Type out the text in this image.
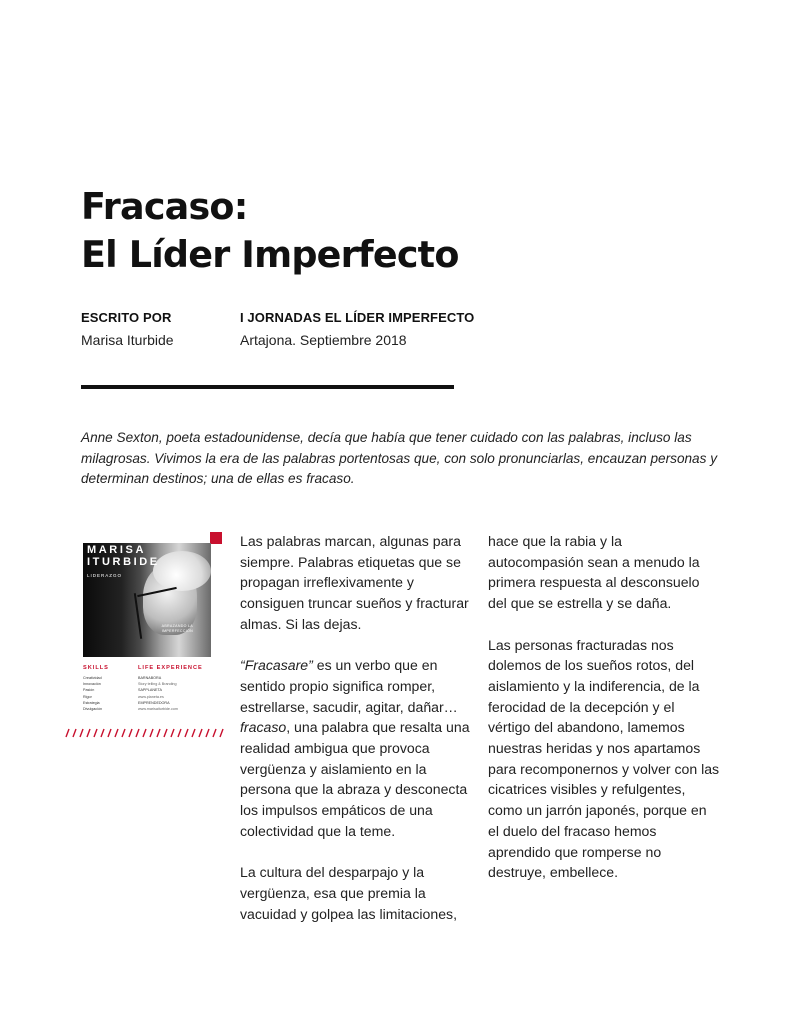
Fracaso:
El Líder Imperfecto
ESCRITO POR
Marisa Iturbide
I JORNADAS EL LÍDER IMPERFECTO
Artajona. Septiembre 2018

Anne Sexton, poeta estadounidense, decía que había que tener cuidado con las palabras, incluso las

milagrosas. Vivimos la era de las palabras portentosas que, con solo pronunciarlas, encauzan personas y

determinan destinos; una de ellas es fracaso.

MARISA
ITURBIDE
LIDERAZGO
ABRAZANDO LA IMPERFECCIÓN
SKILLS
Creatividad
Innovación
Pasión
Rigor
Estrategia
Divulgación
LIFE EXPERIENCE
BARNABORA
Story telling & Branding
SAPPLANETA
www.planeta.es
EMPRENDEDORA
www.marisaiturbide.com

Las palabras marcan, algunas para
siempre. Palabras etiquetas que se
propagan irreflexivamente y
consiguen truncar sueños y fracturar
almas. Si las dejas.

“Fracasare” es un verbo que en
sentido propio significa romper,
estrellarse, sacudir, agitar, dañar…
fracaso, una palabra que resalta una
realidad ambigua que provoca
vergüenza y aislamiento en la
persona que la abraza y desconecta
los impulsos empáticos de una
colectividad que la teme.

La cultura del desparpajo y la
vergüenza, esa que premia la
vacuidad y golpea las limitaciones,

hace que la rabia y la
autocompasión sean a menudo la
primera respuesta al desconsuelo
del que se estrella y se daña.

Las personas fracturadas nos
dolemos de los sueños rotos, del
aislamiento y la indiferencia, de la
ferocidad de la decepción y el
vértigo del abandono, lamemos
nuestras heridas y nos apartamos
para recomponernos y volver con las
cicatrices visibles y refulgentes,
como un jarrón japonés, porque en
el duelo del fracaso hemos
aprendido que romperse no
destruye, embellece.
